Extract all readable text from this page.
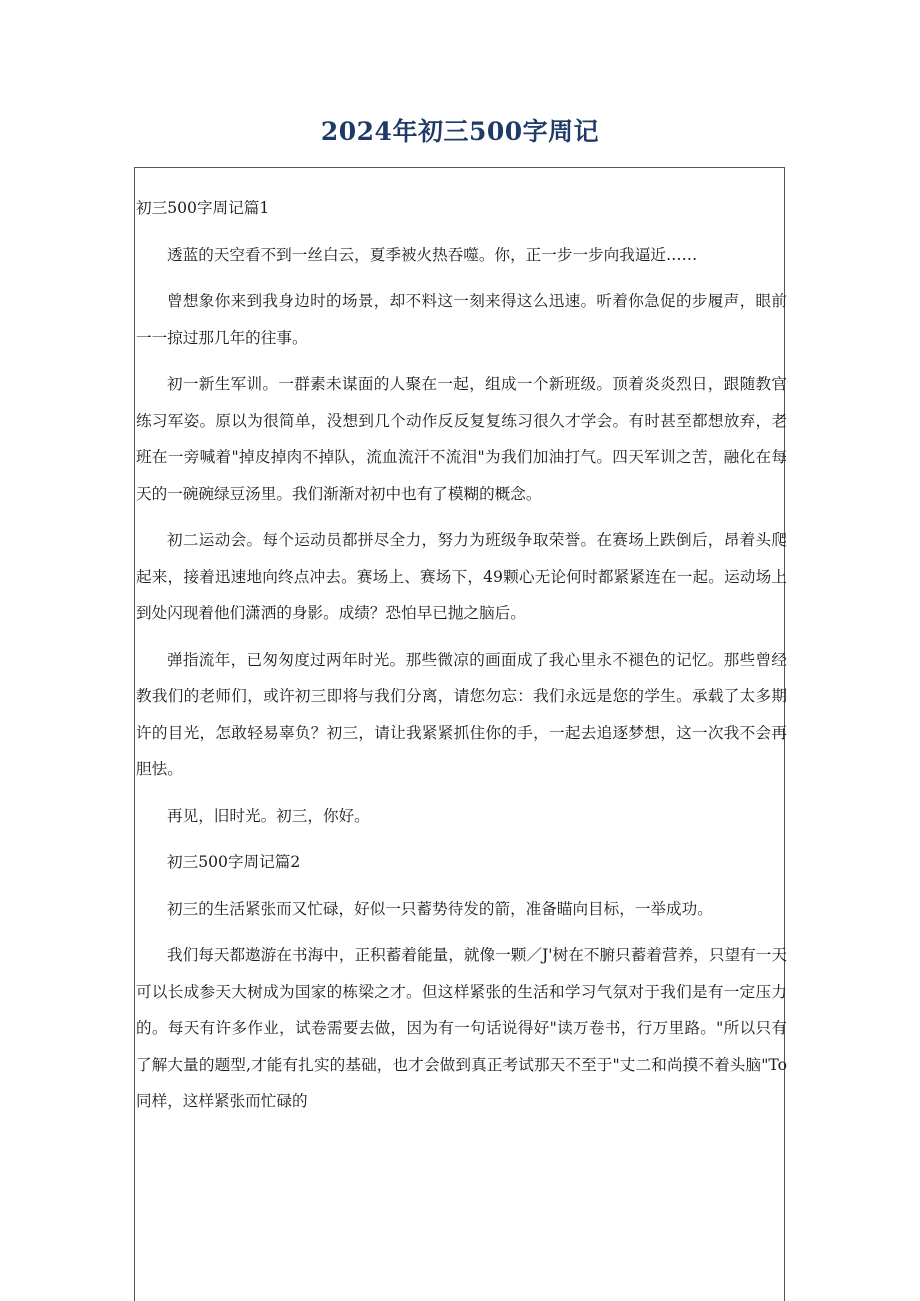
2024年初三500字周记

初三500字周记篇1

透蓝的天空看不到一丝白云，夏季被火热吞噬。你，正一步一步向我逼近……

曾想象你来到我身边时的场景，却不料这一刻来得这么迅速。听着你急促的步履声，眼前一一掠过那几年的往事。

初一新生军训。一群素未谋面的人聚在一起，组成一个新班级。顶着炎炎烈日，跟随教官练习军姿。原以为很简单，没想到几个动作反反复复练习很久才学会。有时甚至都想放弃，老班在一旁喊着"掉皮掉肉不掉队，流血流汗不流泪"为我们加油打气。四天军训之苦，融化在每天的一碗碗绿豆汤里。我们渐渐对初中也有了模糊的概念。

初二运动会。每个运动员都拼尽全力，努力为班级争取荣誉。在赛场上跌倒后，昂着头爬起来，接着迅速地向终点冲去。赛场上、赛场下，49颗心无论何时都紧紧连在一起。运动场上到处闪现着他们潇洒的身影。成绩？恐怕早已抛之脑后。

弹指流年，已匆匆度过两年时光。那些微凉的画面成了我心里永不褪色的记忆。那些曾经教我们的老师们，或许初三即将与我们分离，请您勿忘：我们永远是您的学生。承载了太多期许的目光，怎敢轻易辜负？初三，请让我紧紧抓住你的手，一起去追逐梦想，这一次我不会再胆怯。

再见，旧时光。初三，你好。

初三500字周记篇2

初三的生活紧张而又忙碌，好似一只蓄势待发的箭，准备瞄向目标，一举成功。

我们每天都遨游在书海中，正积蓄着能量，就像一颗／J'树在不腑只蓄着营养，只望有一天可以长成参天大树成为国家的栋梁之才。但这样紧张的生活和学习气氛对于我们是有一定压力的。每天有许多作业，试卷需要去做，因为有一句话说得好"读万卷书，行万里路。"所以只有了解大量的题型,才能有扎实的基础，也才会做到真正考试那天不至于"丈二和尚摸不着头脑"To同样，这样紧张而忙碌的
